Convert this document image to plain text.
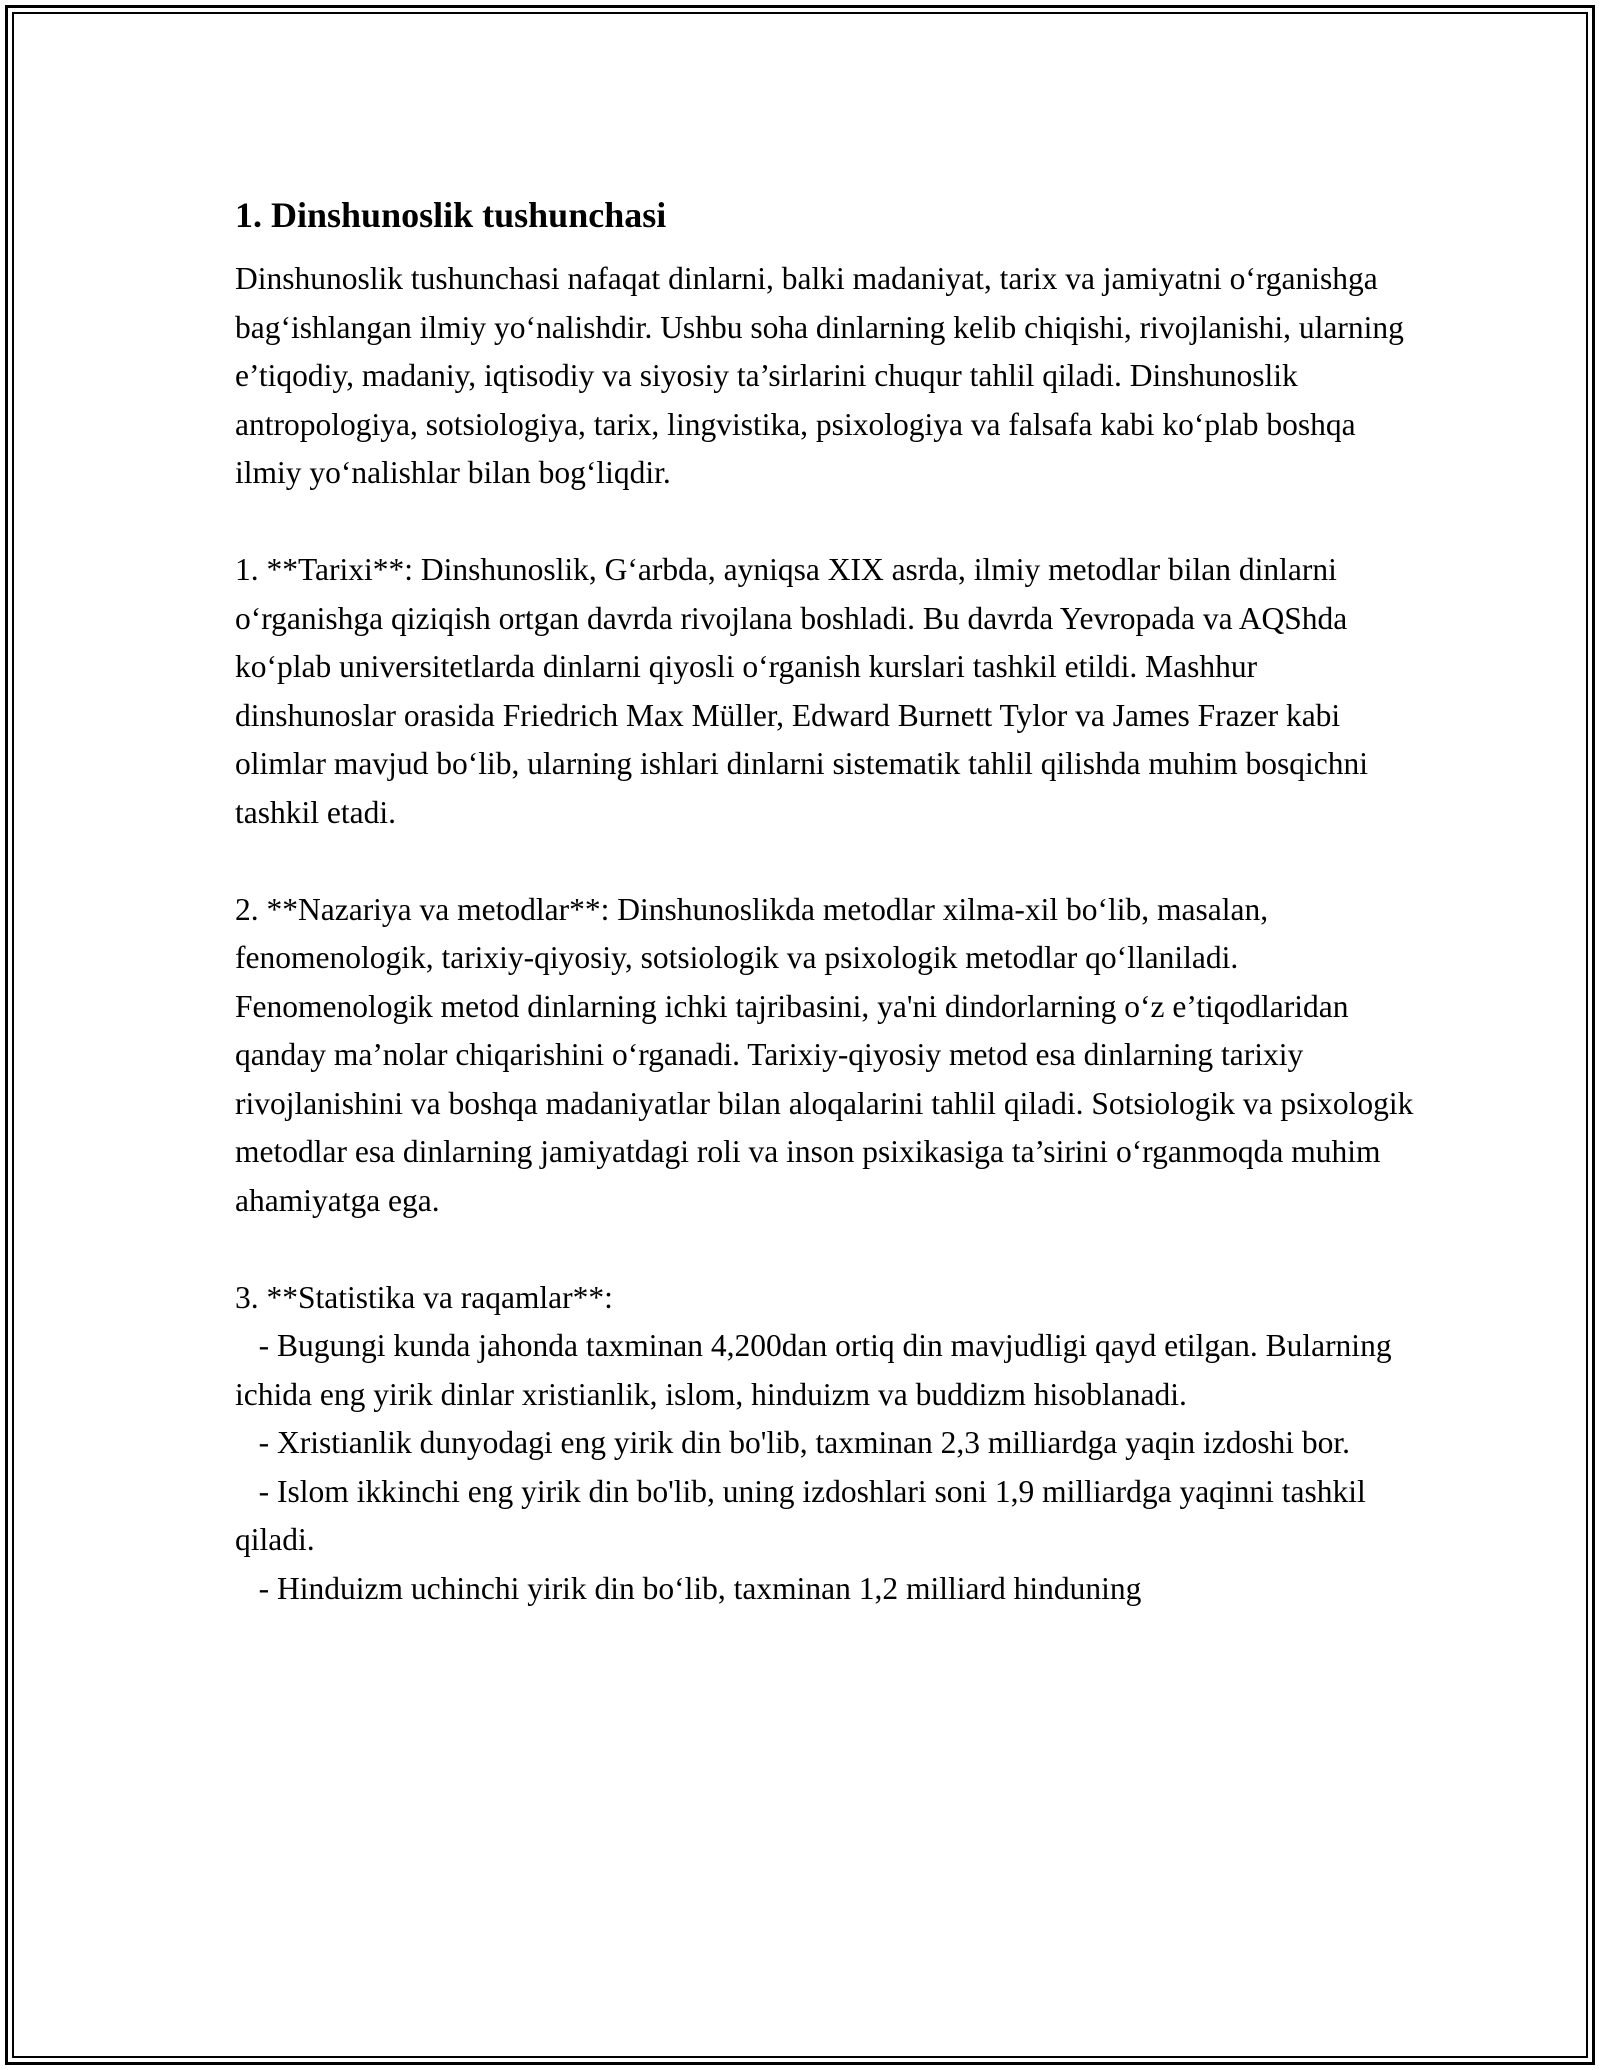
1. Dinshunoslik tushunchasi

Dinshunoslik tushunchasi nafaqat dinlarni, balki madaniyat, tarix va jamiyatni o‘rganishga bag‘ishlangan ilmiy yo‘nalishdir. Ushbu soha dinlarning kelib chiqishi, rivojlanishi, ularning e’tiqodiy, madaniy, iqtisodiy va siyosiy ta’sirlarini chuqur tahlil qiladi. Dinshunoslik antropologiya, sotsiologiya, tarix, lingvistika, psixologiya va falsafa kabi ko‘plab boshqa ilmiy yo‘nalishlar bilan bog‘liqdir.

1. **Tarixi**: Dinshunoslik, G‘arbda, ayniqsa XIX asrda, ilmiy metodlar bilan dinlarni o‘rganishga qiziqish ortgan davrda rivojlana boshladi. Bu davrda Yevropada va AQShda ko‘plab universitetlarda dinlarni qiyosli o‘rganish kurslari tashkil etildi. Mashhur dinshunoslar orasida Friedrich Max Müller, Edward Burnett Tylor va James Frazer kabi olimlar mavjud bo‘lib, ularning ishlari dinlarni sistematik tahlil qilishda muhim bosqichni tashkil etadi.

2. **Nazariya va metodlar**: Dinshunoslikda metodlar xilma-xil bo‘lib, masalan, fenomenologik, tarixiy-qiyosiy, sotsiologik va psixologik metodlar qo‘llaniladi. Fenomenologik metod dinlarning ichki tajribasini, ya'ni dindorlarning o‘z e’tiqodlaridan qanday ma’nolar chiqarishini o‘rganadi. Tarixiy-qiyosiy metod esa dinlarning tarixiy rivojlanishini va boshqa madaniyatlar bilan aloqalarini tahlil qiladi. Sotsiologik va psixologik metodlar esa dinlarning jamiyatdagi roli va inson psixikasiga ta’sirini o‘rganmoqda muhim ahamiyatga ega.

3. **Statistika va raqamlar**:

- Bugungi kunda jahonda taxminan 4,200dan ortiq din mavjudligi qayd etilgan. Bularning ichida eng yirik dinlar xristianlik, islom, hinduizm va buddizm hisoblanadi.

- Xristianlik dunyodagi eng yirik din bo'lib, taxminan 2,3 milliardga yaqin izdoshi bor.

- Islom ikkinchi eng yirik din bo'lib, uning izdoshlari soni 1,9 milliardga yaqinni tashkil qiladi.

- Hinduizm uchinchi yirik din bo‘lib, taxminan 1,2 milliard hinduning
